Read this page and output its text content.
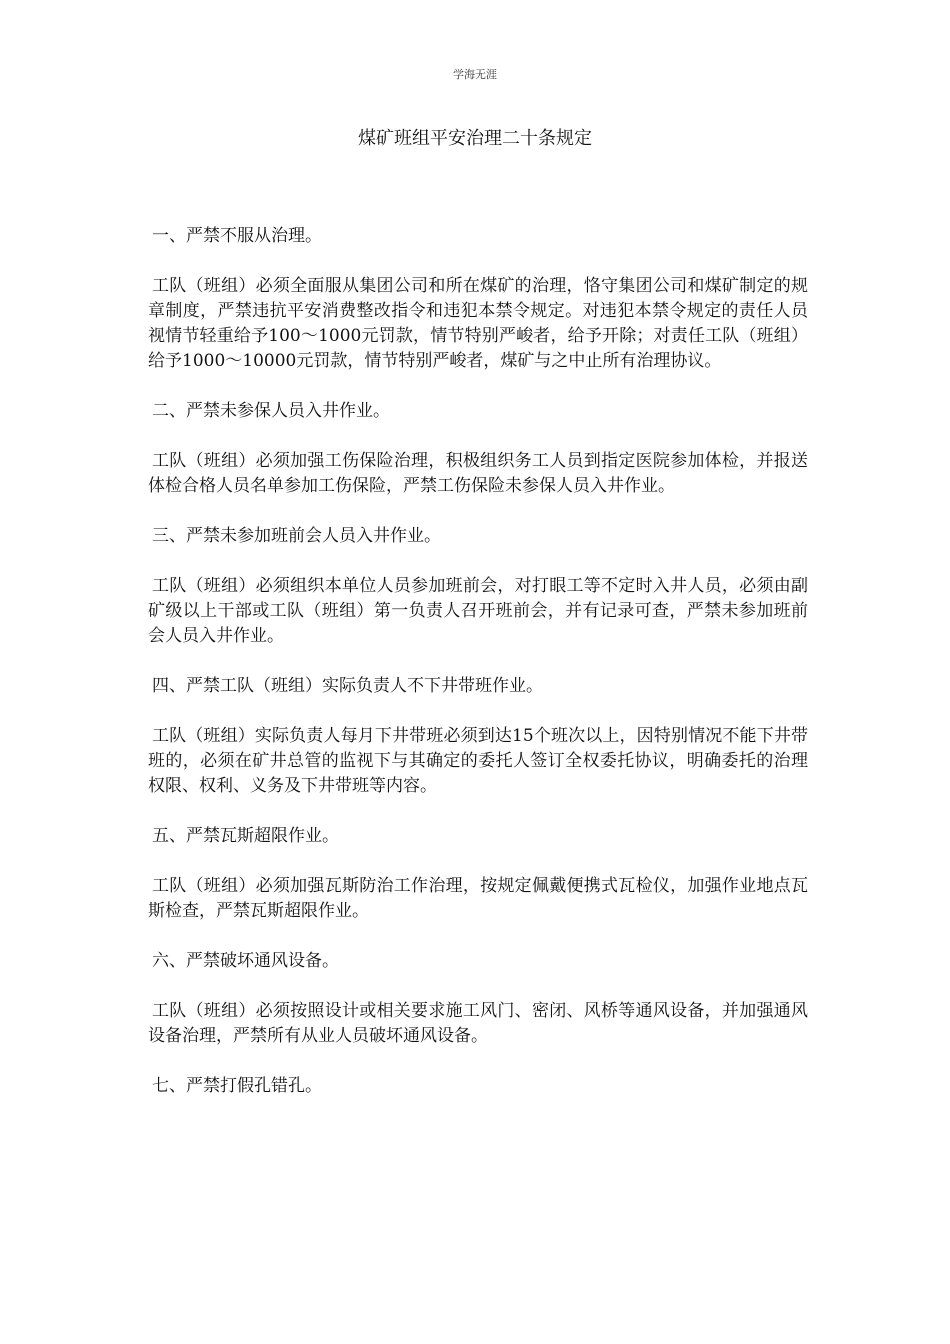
学海无涯
煤矿班组平安治理二十条规定

一、严禁不服从治理。

工队（班组）必须全面服从集团公司和所在煤矿的治理，恪守集团公司和煤矿制定的规章制度，严禁违抗平安消费整改指令和违犯本禁令规定。对违犯本禁令规定的责任人员视情节轻重给予100～1000元罚款，情节特别严峻者，给予开除；对责任工队（班组）给予1000～10000元罚款，情节特别严峻者，煤矿与之中止所有治理协议。

二、严禁未参保人员入井作业。

工队（班组）必须加强工伤保险治理，积极组织务工人员到指定医院参加体检，并报送体检合格人员名单参加工伤保险，严禁工伤保险未参保人员入井作业。

三、严禁未参加班前会人员入井作业。

工队（班组）必须组织本单位人员参加班前会，对打眼工等不定时入井人员，必须由副矿级以上干部或工队（班组）第一负责人召开班前会，并有记录可查，严禁未参加班前会人员入井作业。

四、严禁工队（班组）实际负责人不下井带班作业。

工队（班组）实际负责人每月下井带班必须到达15个班次以上，因特别情况不能下井带班的，必须在矿井总管的监视下与其确定的委托人签订全权委托协议，明确委托的治理权限、权利、义务及下井带班等内容。

五、严禁瓦斯超限作业。

工队（班组）必须加强瓦斯防治工作治理，按规定佩戴便携式瓦检仪，加强作业地点瓦斯检查，严禁瓦斯超限作业。

六、严禁破坏通风设备。

工队（班组）必须按照设计或相关要求施工风门、密闭、风桥等通风设备，并加强通风设备治理，严禁所有从业人员破坏通风设备。

七、严禁打假孔错孔。
